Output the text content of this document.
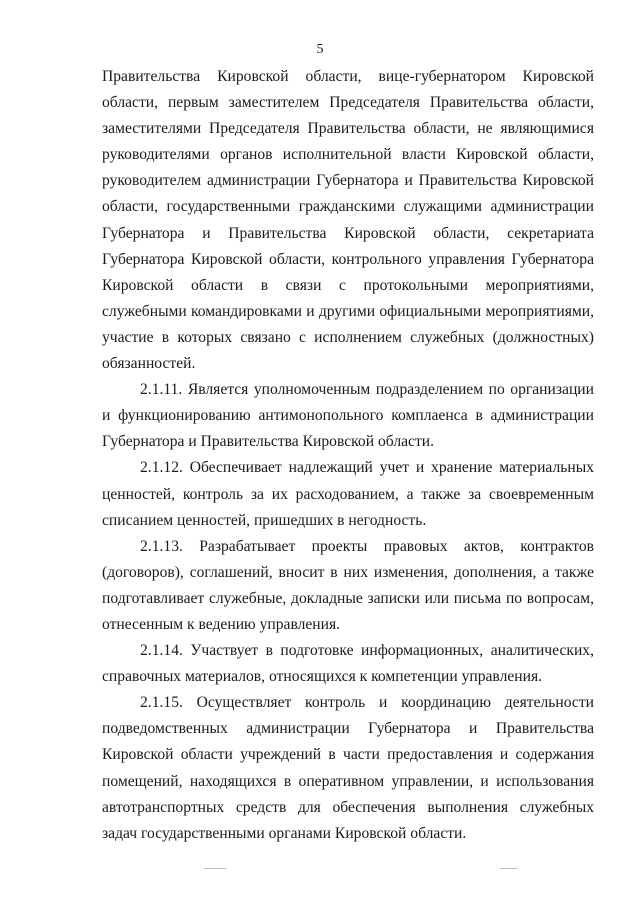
5

Правительства Кировской области, вице-губернатором Кировской области, первым заместителем Председателя Правительства области, заместителями Председателя Правительства области, не являющимися руководителями органов исполнительной власти Кировской области, руководителем администрации Губернатора и Правительства Кировской области, государственными гражданскими служащими администрации Губернатора и Правительства Кировской области, секретариата Губернатора Кировской области, контрольного управления Губернатора Кировской области в связи с протокольными мероприятиями, служебными командировками и другими официальными мероприятиями, участие в которых связано с исполнением служебных (должностных) обязанностей.

2.1.11. Является уполномоченным подразделением по организации и функционированию антимонопольного комплаенса в администрации Губернатора и Правительства Кировской области.

2.1.12. Обеспечивает надлежащий учет и хранение материальных ценностей, контроль за их расходованием, а также за своевременным списанием ценностей, пришедших в негодность.

2.1.13. Разрабатывает проекты правовых актов, контрактов (договоров), соглашений, вносит в них изменения, дополнения, а также подготавливает служебные, докладные записки или письма по вопросам, отнесенным к ведению управления.

2.1.14. Участвует в подготовке информационных, аналитических, справочных материалов, относящихся к компетенции управления.

2.1.15. Осуществляет контроль и координацию деятельности подведомственных администрации Губернатора и Правительства Кировской области учреждений в части предоставления и содержания помещений, находящихся в оперативном управлении, и использования автотранспортных средств для обеспечения выполнения служебных задач государственными органами Кировской области.
